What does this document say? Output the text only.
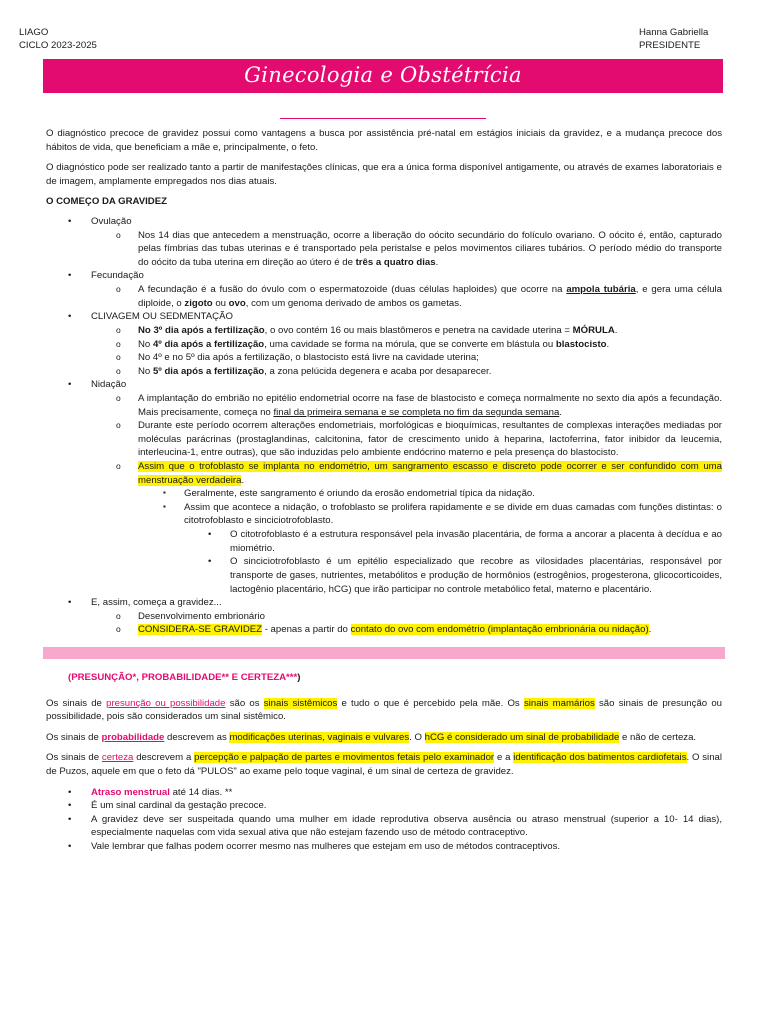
LIAGO
CICLO 2023-2025
Hanna Gabriella
PRESIDENTE
Ginecologia e Obstétrícia

O diagnóstico precoce de gravidez possui como vantagens a busca por assistência pré-natal em estágios iniciais da gravidez, e a mudança precoce dos hábitos de vida, que beneficiam a mãe e, principalmente, o feto.

O diagnóstico pode ser realizado tanto a partir de manifestações clínicas, que era a única forma disponível antigamente, ou através de exames laboratoriais e de imagem, amplamente empregados nos dias atuais.

O COMEÇO DA GRAVIDEZ
• Ovulação
o Nos 14 dias que antecedem a menstruação, ocorre a liberação do oócito secundário do folículo ovariano. O oócito é, então, capturado pelas fímbrias das tubas uterinas e é transportado pela peristalse e pelos movimentos ciliares tubários. O período médio do transporte do oócito da tuba uterina em direção ao útero é de três a quatro dias.
• Fecundação
o A fecundação é a fusão do óvulo com o espermatozoide (duas células haploides) que ocorre na ampola tubária, e gera uma célula diploide, o zigoto ou ovo, com um genoma derivado de ambos os gametas.
• CLIVAGEM OU SEDMENTAÇÃO
o No 3º dia após a fertilização, o ovo contém 16 ou mais blastômeros e penetra na cavidade uterina = MÓRULA.
o No 4º dia após a fertilização, uma cavidade se forma na mórula, que se converte em blástula ou blastocisto.
o No 4º e no 5º dia após a fertilização, o blastocisto está livre na cavidade uterina;
o No 5º dia após a fertilização, a zona pelúcida degenera e acaba por desaparecer.
• Nidação
o A implantação do embrião no epitélio endometrial ocorre na fase de blastocisto e começa normalmente no sexto dia após a fecundação. Mais precisamente, começa no final da primeira semana e se completa no fim da segunda semana.
o Durante este período ocorrem alterações endometriais, morfológicas e bioquímicas, resultantes de complexas interações mediadas por moléculas parácrinas (prostaglandinas, calcitonina, fator de crescimento unido à heparina, lactoferrina, fator inibidor da leucemia, interleucina-1, entre outras), que são induzidas pelo ambiente endócrino materno e pela presença do blastocisto.
o Assim que o trofoblasto se implanta no endométrio, um sangramento escasso e discreto pode ocorrer e ser confundido com uma menstruação verdadeira.
▪ Geralmente, este sangramento é oriundo da erosão endometrial típica da nidação.
▪ Assim que acontece a nidação, o trofoblasto se prolifera rapidamente e se divide em duas camadas com funções distintas: o citotrofoblasto e sinciciotrofoblasto.
• O citotrofoblasto é a estrutura responsável pela invasão placentária, de forma a ancorar a placenta à decídua e ao miométrio.
• O sinciciotrofoblasto é um epitélio especializado que recobre as vilosidades placentárias, responsável por transporte de gases, nutrientes, metabólitos e produção de hormônios (estrogênios, progesterona, glicocorticoides, lactogênio placentário, hCG) que irão participar no controle metabólico fetal, materno e placentário.
• E, assim, começa a gravidez...
o Desenvolvimento embrionário
o CONSIDERA-SE GRAVIDEZ - apenas a partir do contato do ovo com endométrio (implantação embrionária ou nidação).
(PRESUNÇÃO*, PROBABILIDADE** E CERTEZA***)

Os sinais de presunção ou possibilidade são os sinais sistêmicos e tudo o que é percebido pela mãe. Os sinais mamários são sinais de presunção ou possibilidade, pois são considerados um sinal sistêmico.

Os sinais de probabilidade descrevem as modificações uterinas, vaginais e vulvares. O hCG é considerado um sinal de probabilidade e não de certeza.

Os sinais de certeza descrevem a percepção e palpação de partes e movimentos fetais pelo examinador e a identificação dos batimentos cardiofetais. O sinal de Puzos, aquele em que o feto dá "PULOS" ao exame pelo toque vaginal, é um sinal de certeza de gravidez.

• Atraso menstrual até 14 dias. **
• É um sinal cardinal da gestação precoce.
• A gravidez deve ser suspeitada quando uma mulher em idade reprodutiva observa ausência ou atraso menstrual (superior a 10- 14 dias), especialmente naquelas com vida sexual ativa que não estejam fazendo uso de método contraceptivo.
• Vale lembrar que falhas podem ocorrer mesmo nas mulheres que estejam em uso de métodos contraceptivos.
